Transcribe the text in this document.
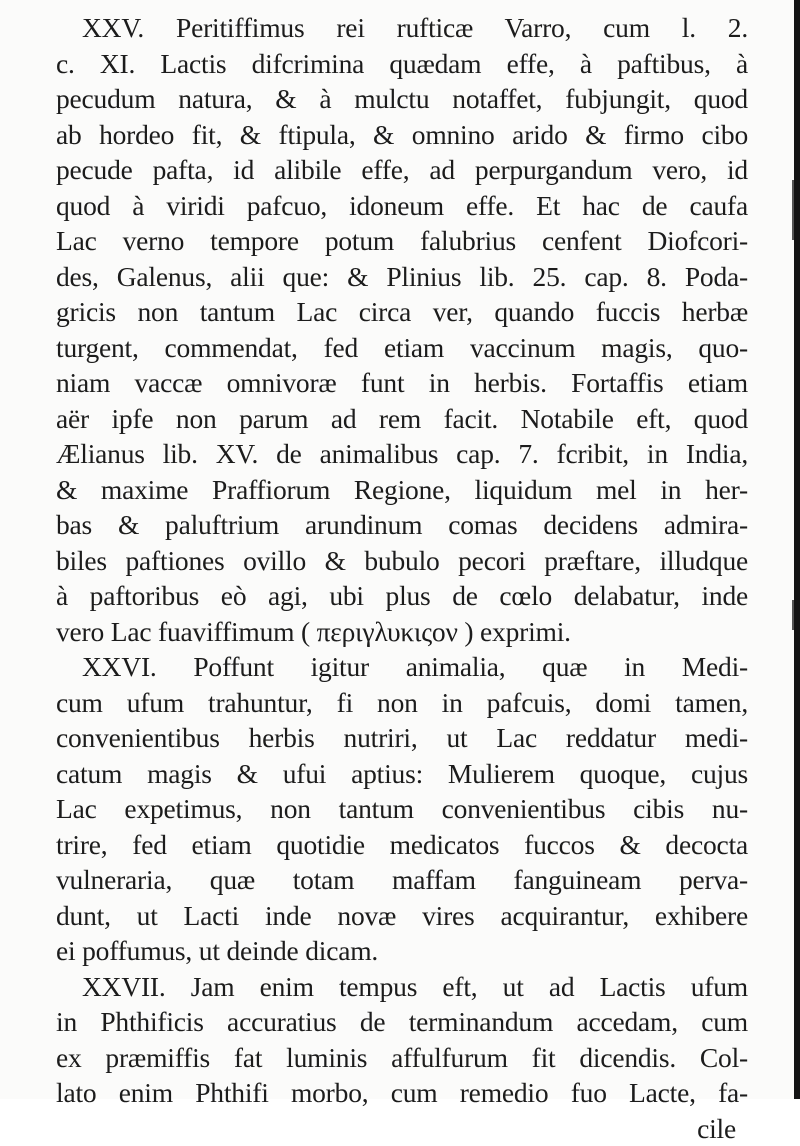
XXV. Peritiffimus rei rufticæ Varro, cum l. 2.
c. XI. Lactis difcrimina quædam effe, à paftibus, à
pecudum natura, & à mulctu notaffet, fubjungit, quod
ab hordeo fit, & ftipula, & omnino arido & firmo cibo
pecude pafta, id alibile effe, ad perpurgandum vero, id
quod à viridi pafcuo, idoneum effe. Et hac de caufa
Lac verno tempore potum falubrius cenfent Diofcori-
des, Galenus, alii que: & Plinius lib. 25. cap. 8. Poda-
gricis non tantum Lac circa ver, quando fuccis herbæ
turgent, commendat, fed etiam vaccinum magis, quo-
niam vaccæ omnivoræ funt in herbis. Fortaffis etiam
aër ipfe non parum ad rem facit. Notabile eft, quod
Ælianus lib. XV. de animalibus cap. 7. fcribit, in India,
& maxime Praffiorum Regione, liquidum mel in her-
bas & paluftrium arundinum comas decidens admira-
biles paftiones ovillo & bubulo pecori præftare, illudque
à paftoribus eò agi, ubi plus de cœlo delabatur, inde
vero Lac fuaviffimum ( περιγλυκιςον ) exprimi.
XXVI. Poffunt igitur animalia, quæ in Medi-
cum ufum trahuntur, fi non in pafcuis, domi tamen,
convenientibus herbis nutriri, ut Lac reddatur medi-
catum magis & ufui aptius: Mulierem quoque, cujus
Lac expetimus, non tantum convenientibus cibis nu-
trire, fed etiam quotidie medicatos fuccos & decocta
vulneraria, quæ totam maffam fanguineam perva-
dunt, ut Lacti inde novæ vires acquirantur, exhibere
ei poffumus, ut deinde dicam.
XXVII. Jam enim tempus eft, ut ad Lactis ufum
in Phthificis accuratius de terminandum accedam, cum
ex præmiffis fat luminis affulfurum fit dicendis. Col-
lato enim Phthifi morbo, cum remedio fuo Lacte, fa-
cile
